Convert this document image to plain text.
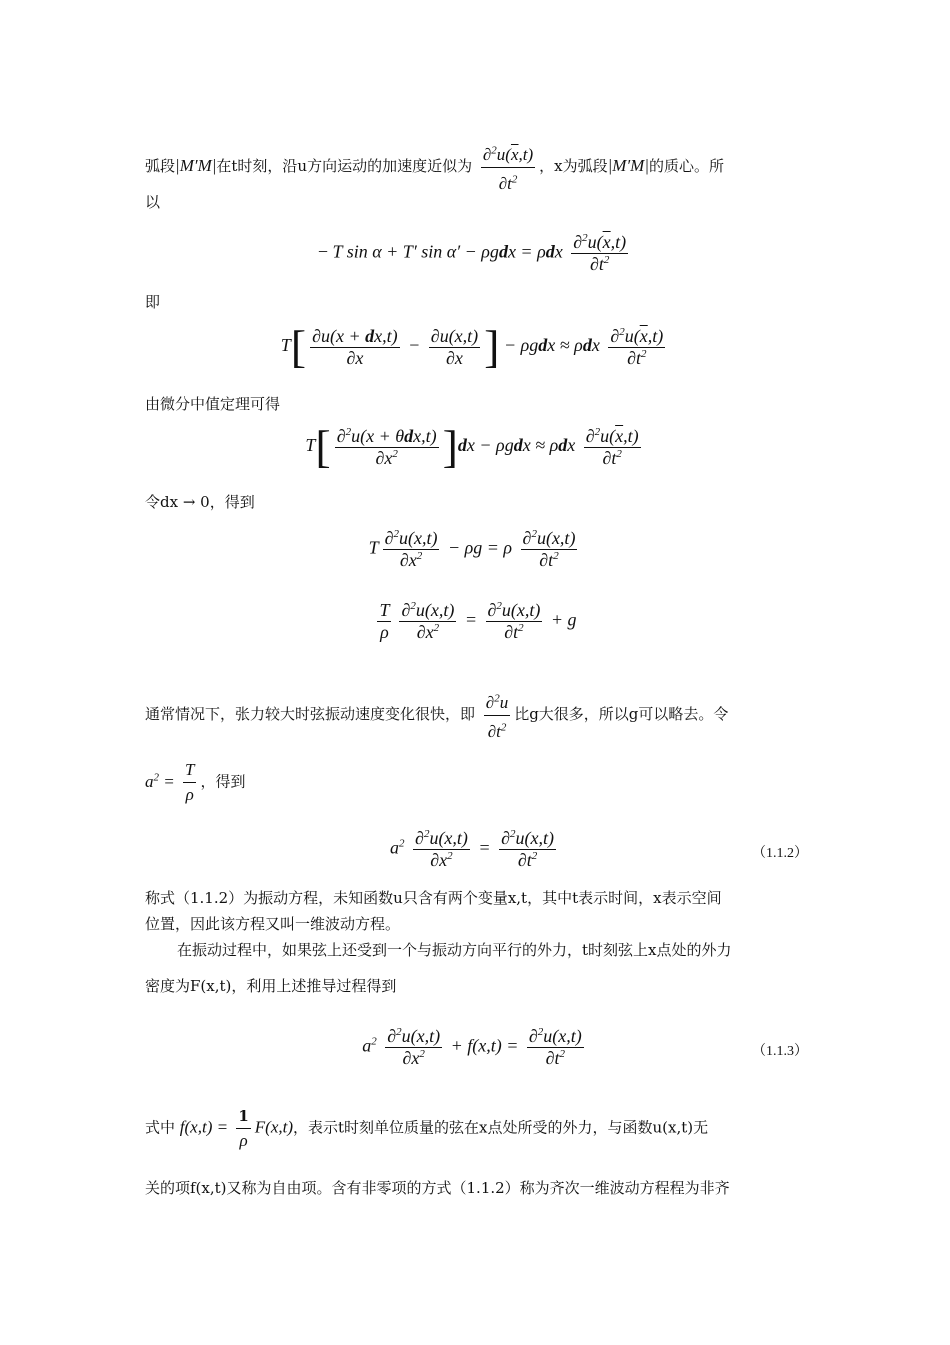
弧段|M′M|在t时刻，沿u方向运动的加速度近似为 $\frac{\partial^2u(\overline{x},t)}{\partial t^2}$ ，x为弧段|M′M|的质心。所
以
− T sin α + T′ sin α′ − ρgdx = ρdx $\frac{\partial^2u(\overline{x},t)}{\partial t^2}$
即
$T[ \frac{\partial u(x + dx,t)}{\partial x} - \frac{\partial u(x,t)}{\partial x}$ ] − ρgdx ≈ ρdx $\frac{\partial^2u(\overline{x},t)}{\partial t^2}$
由微分中值定理可得
$T[ \frac{\partial^2u(x + \theta dx,t)}{\partial x^2} ]dx - \rho gdx \approx \rho dx \frac{\partial^2u(\overline{x},t)}{\partial t^2}$
令dx → 0，得到
T $\frac{\partial^2u(x,t)}{\partial x^2} - \rho g = \rho \frac{\partial^2u(x,t)}{\partial t^2}$
$\frac{T}{\rho} \frac{\partial^2u(x,t)}{\partial x^2} = \frac{\partial^2u(x,t)}{\partial t^2} + g$
通常情况下，张力较大时弦振动速度变化很快，即 $\frac{\partial^2u}{\partial t^2}$ 比g大很多，所以g可以略去。令
$a^2 = \frac{T}{\rho}$ ，得到
$a^2 \frac{\partial^2u(x,t)}{\partial x^2} = \frac{\partial^2u(x,t)}{\partial t^2}$	（1.1.2）
称式（1.1.2）为振动方程，未知函数u只含有两个变量x,t，其中t表示时间，x表示空间
位置，因此该方程又叫一维波动方程。
在振动过程中，如果弦上还受到一个与振动方向平行的外力，t时刻弦上x点处的外力
密度为F(x,t)，利用上述推导过程得到
$a^2 \frac{\partial^2u(x,t)}{\partial x^2} + f(x,t) = \frac{\partial^2u(x,t)}{\partial t^2}$	（1.1.3）
式中 $f(x,t) = \frac{1}{\rho} F(x,t)$，表示t时刻单位质量的弦在x点处所受的外力，与函数u(x,t)无
关的项f(x,t)又称为自由项。含有非零项的方式（1.1.2）称为齐次一维波动方程程为非齐
